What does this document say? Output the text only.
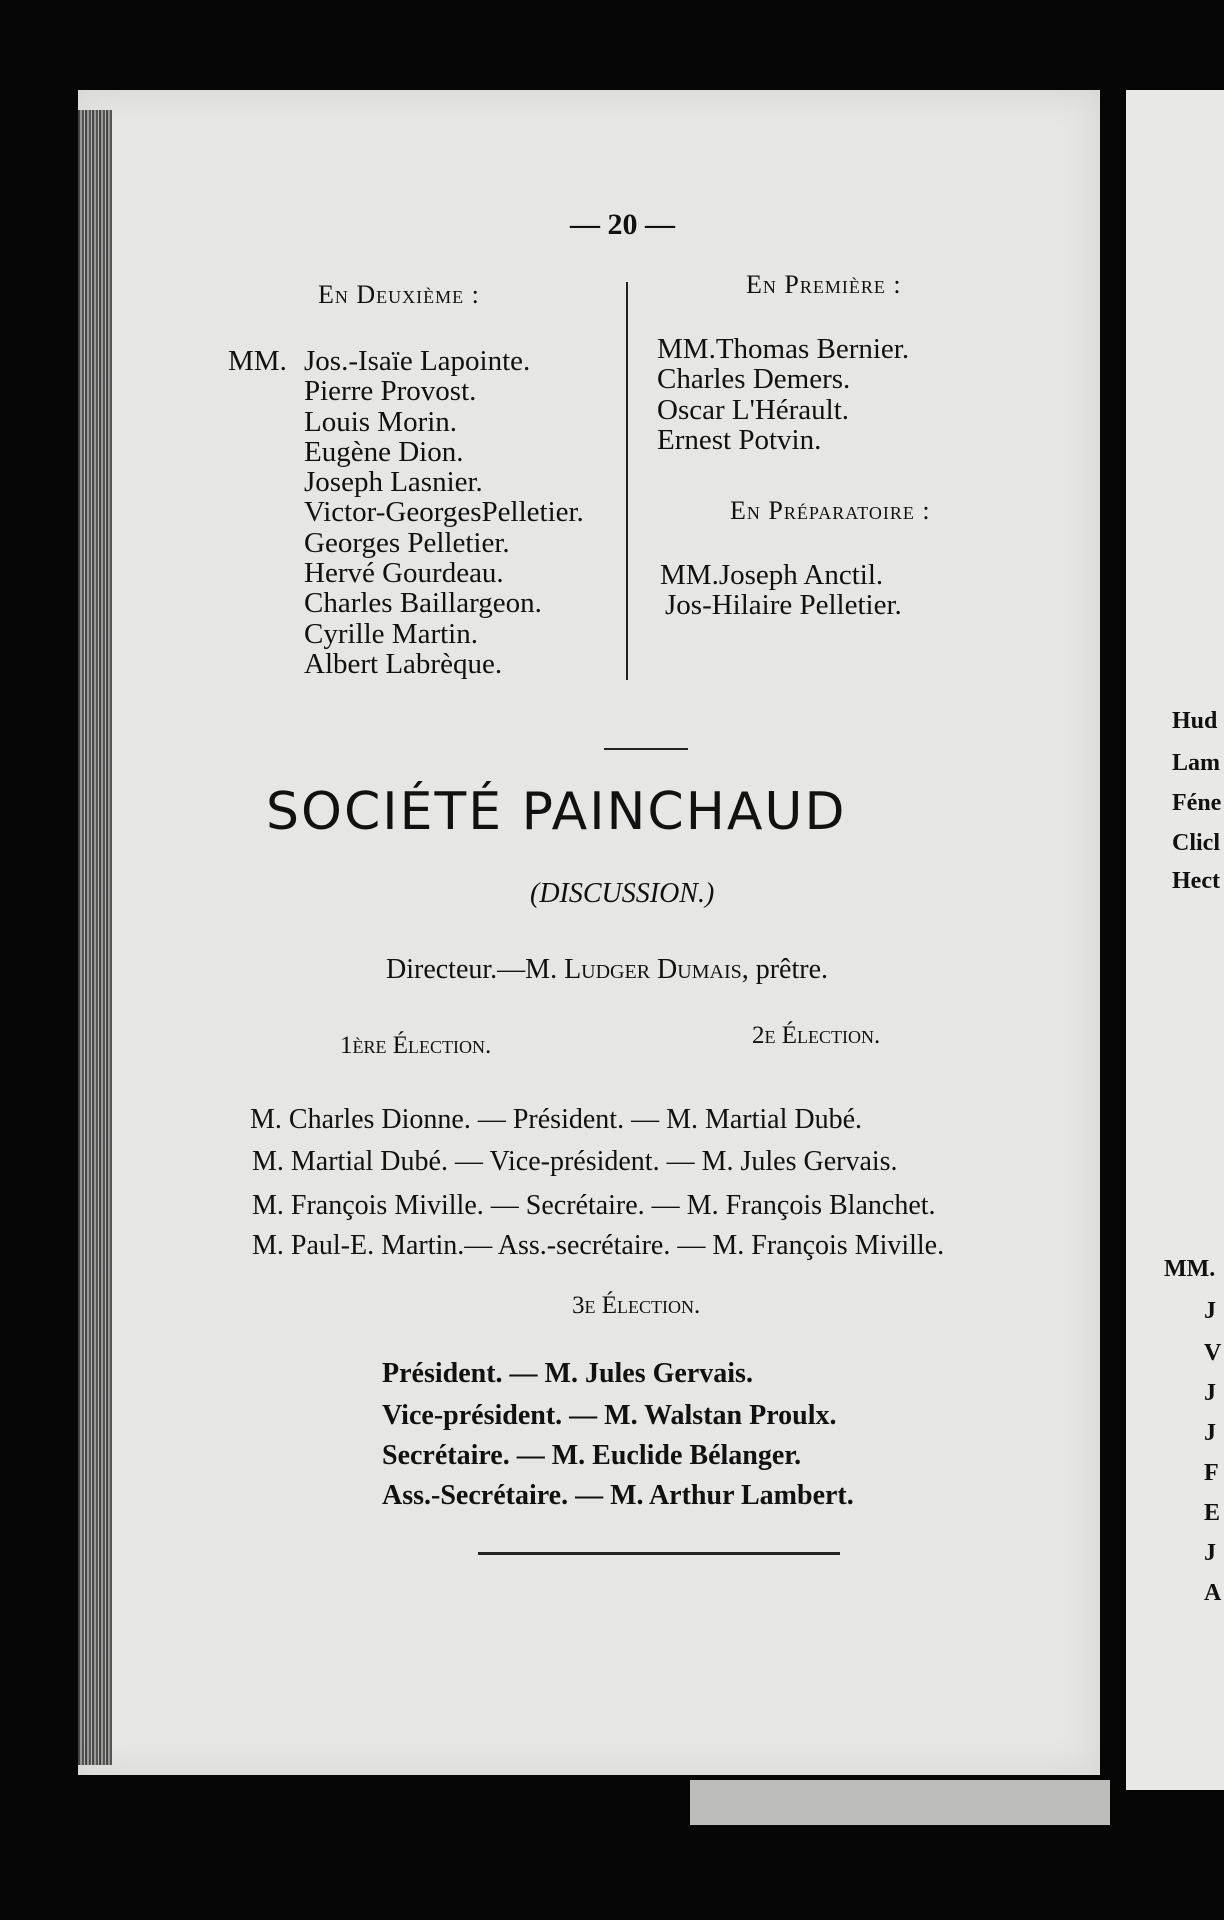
— 20 —
En Deuxième :
MM. Jos.-Isaïe Lapointe.
Pierre Provost.
Louis Morin.
Eugène Dion.
Joseph Lasnier.
Victor-GeorgesPelletier.
Georges Pelletier.
Hervé Gourdeau.
Charles Baillargeon.
Cyrille Martin.
Albert Labrèque.
En Première :
MM.Thomas Bernier.
Charles Demers.
Oscar L'Hérault.
Ernest Potvin.
En Préparatoire :
MM.Joseph Anctil.
Jos-Hilaire Pelletier.
SOCIÉTÉ PAINCHAUD
(DISCUSSION.)
Directeur.—M. Ludger Dumais, prêtre.
1ère Élection.	2e Élection.
M. Charles Dionne. — Président. — M. Martial Dubé.
M. Martial Dubé. — Vice-président. — M. Jules Gervais.
M. François Miville. — Secrétaire. — M. François Blanchet.
M. Paul-E. Martin.— Ass.-secrétaire. — M. François Miville.
3e Élection.
Président. — M. Jules Gervais.
Vice-président. — M. Walstan Proulx.
Secrétaire. — M. Euclide Bélanger.
Ass.-Secrétaire. — M. Arthur Lambert.
Hud
Lam
Féne
Clicl
Hect
MM.
J
V
J
J
F
E
J
A
